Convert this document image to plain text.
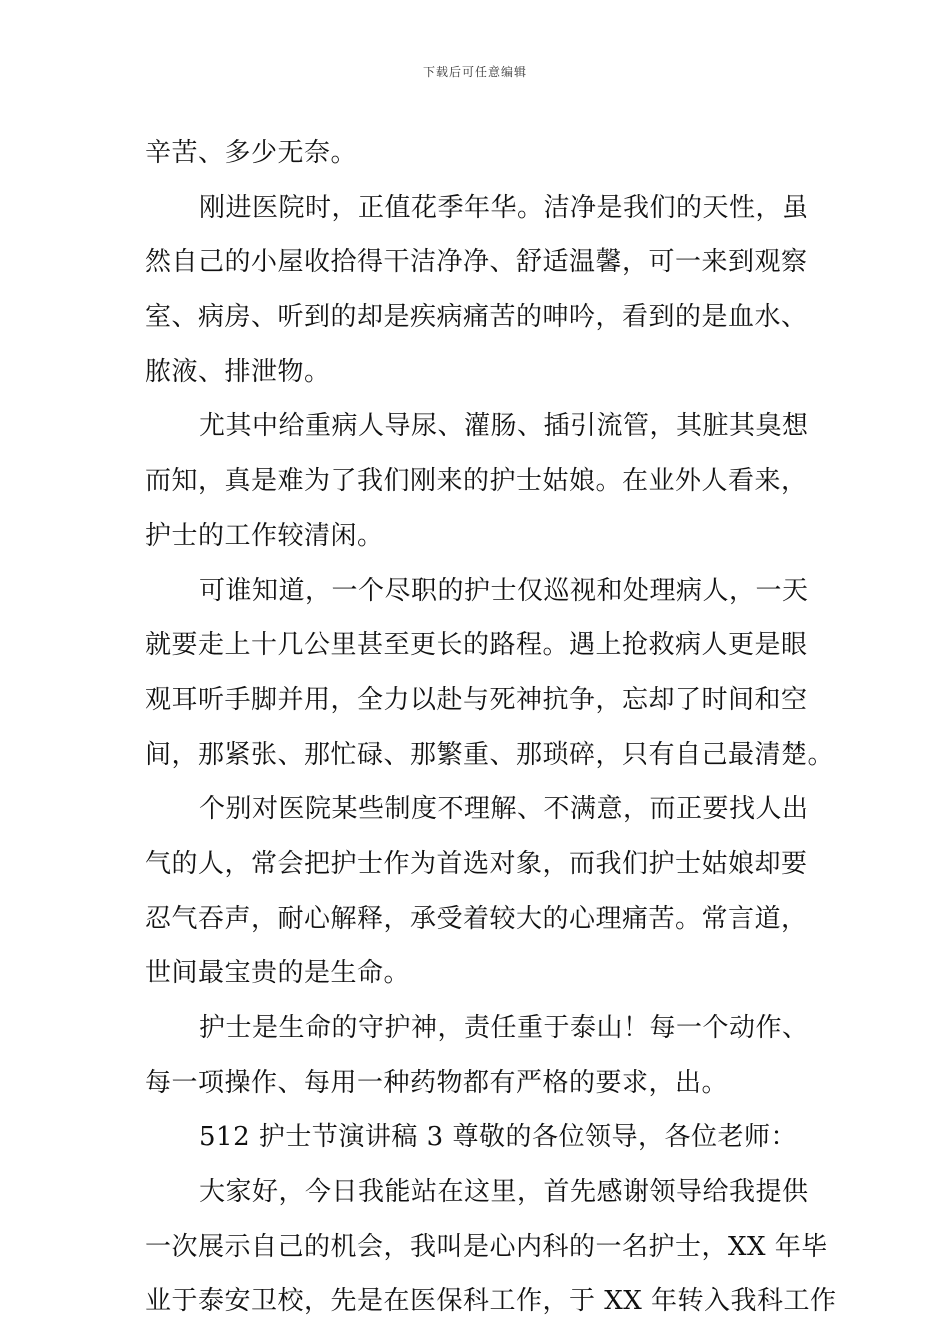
下载后可任意编辑
辛苦、多少无奈。
刚进医院时，正值花季年华。洁净是我们的天性，虽
然自己的小屋收拾得干洁净净、舒适温馨，可一来到观察
室、病房、听到的却是疾病痛苦的呻吟，看到的是血水、
脓液、排泄物。
尤其中给重病人导尿、灌肠、插引流管，其脏其臭想
而知，真是难为了我们刚来的护士姑娘。在业外人看来，
护士的工作较清闲。
可谁知道，一个尽职的护士仅巡视和处理病人，一天
就要走上十几公里甚至更长的路程。遇上抢救病人更是眼
观耳听手脚并用，全力以赴与死神抗争，忘却了时间和空
间，那紧张、那忙碌、那繁重、那琐碎，只有自己最清楚。
个别对医院某些制度不理解、不满意，而正要找人出
气的人，常会把护士作为首选对象，而我们护士姑娘却要
忍气吞声，耐心解释，承受着较大的心理痛苦。常言道，
世间最宝贵的是生命。
护士是生命的守护神，责任重于泰山！每一个动作、
每一项操作、每用一种药物都有严格的要求，出。
512 护士节演讲稿 3 尊敬的各位领导，各位老师：
大家好，今日我能站在这里，首先感谢领导给我提供
一次展示自己的机会，我叫是心内科的一名护士，XX 年毕
业于泰安卫校，先是在医保科工作，于 XX 年转入我科工作
